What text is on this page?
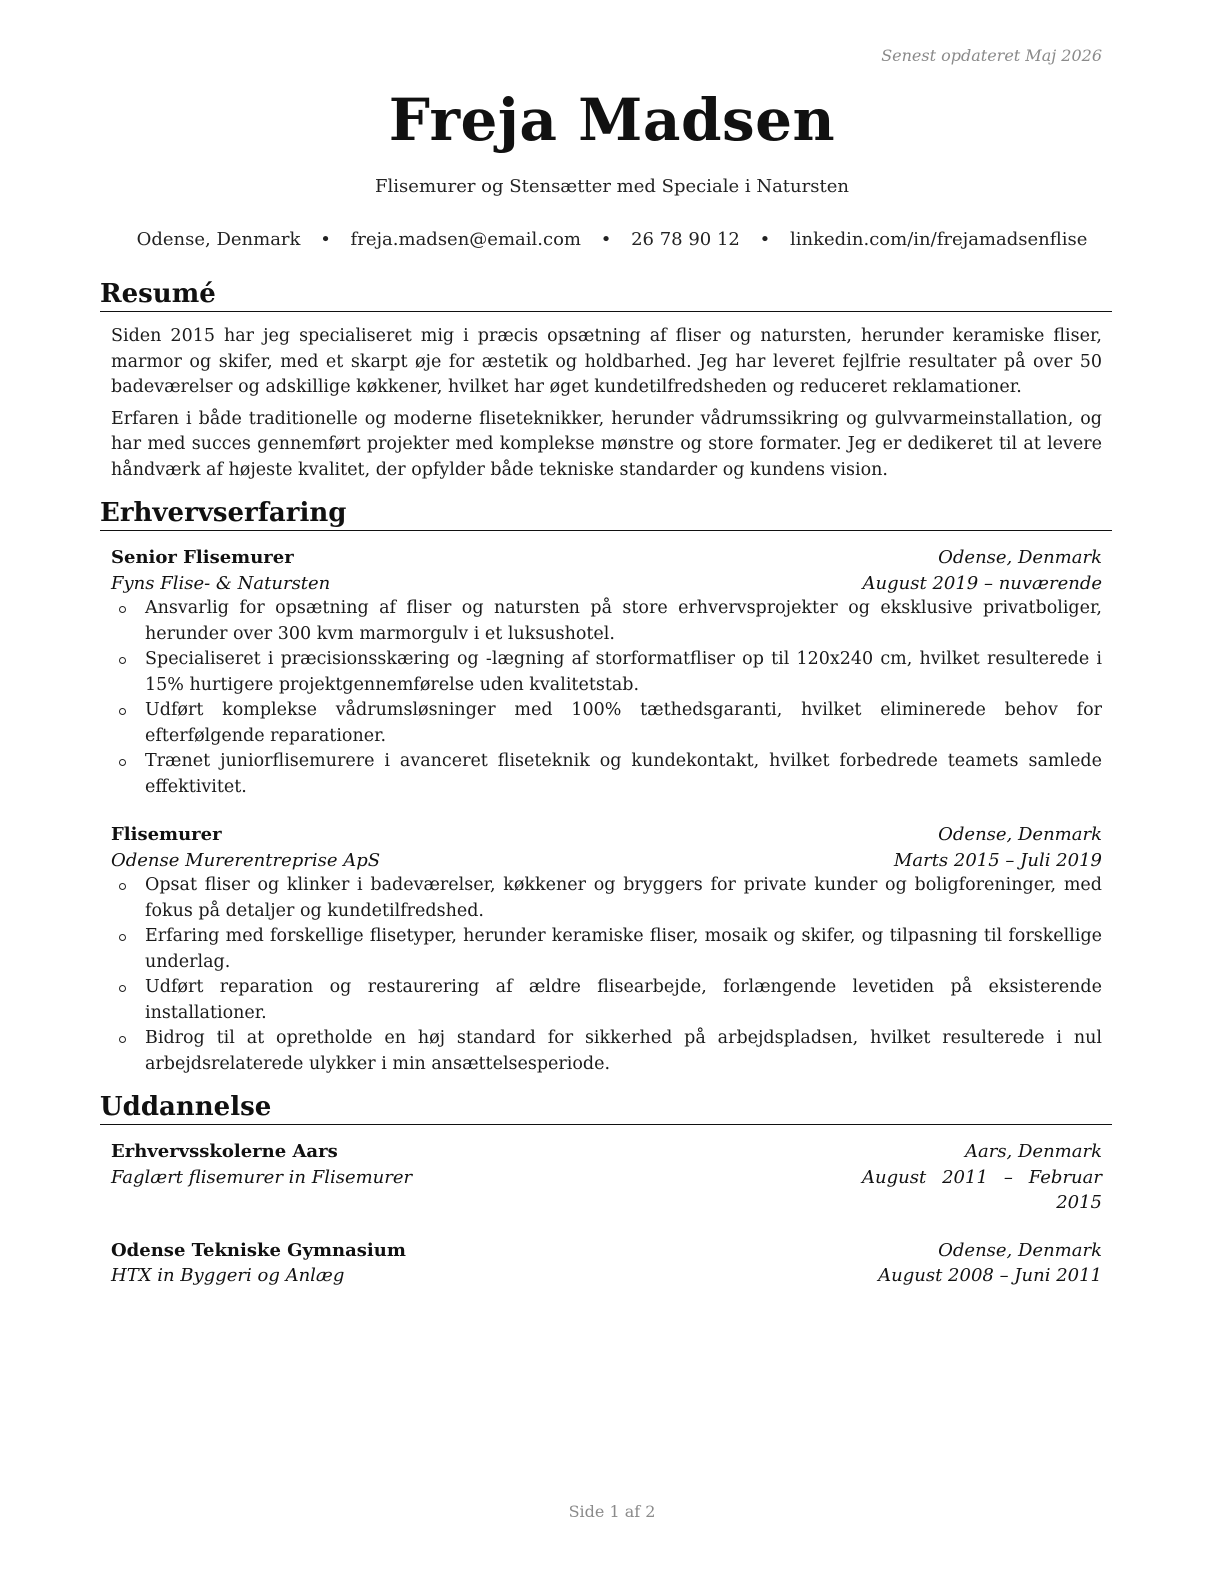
Senest opdateret Maj 2026
Freja Madsen
Flisemurer og Stensætter med Speciale i Natursten
Odense, Denmark • freja.madsen@email.com • 26 78 90 12 • linkedin.com/in/frejamadsenflise
Resumé

Siden 2015 har jeg specialiseret mig i præcis opsætning af fliser og natursten, herunder keramiske fliser, marmor og skifer, med et skarpt øje for æstetik og holdbarhed. Jeg har leveret fejlfrie resultater på over 50 badeværelser og adskillige køkkener, hvilket har øget kundetilfredsheden og reduceret reklamationer.

Erfaren i både traditionelle og moderne fliseteknikker, herunder vådrumssikring og gulvvarmeinstallation, og har med succes gennemført projekter med komplekse mønstre og store formater. Jeg er dedikeret til at levere håndværk af højeste kvalitet, der opfylder både tekniske standarder og kundens vision.

Erhvervserfaring
Senior Flisemurer	Odense, Denmark
Fyns Flise- & Natursten	August 2019 – nuværende
Ansvarlig for opsætning af fliser og natursten på store erhvervsprojekter og eksklusive privatboliger, herunder over 300 kvm marmorgulv i et luksushotel.
Specialiseret i præcisionsskæring og -lægning af storformatfliser op til 120x240 cm, hvilket resulterede i 15% hurtigere projektgennemførelse uden kvalitetstab.
Udført komplekse vådrumsløsninger med 100% tæthedsgaranti, hvilket eliminerede behov for efterfølgende reparationer.
Trænet juniorflisemurere i avanceret fliseteknik og kundekontakt, hvilket forbedrede teamets samlede effektivitet.
Flisemurer	Odense, Denmark
Odense Murerentreprise ApS	Marts 2015 – Juli 2019
Opsat fliser og klinker i badeværelser, køkkener og bryggers for private kunder og boligforeninger, med fokus på detaljer og kundetilfredshed.
Erfaring med forskellige flisetyper, herunder keramiske fliser, mosaik og skifer, og tilpasning til forskellige underlag.
Udført reparation og restaurering af ældre flisearbejde, forlængende levetiden på eksisterende installationer.
Bidrog til at opretholde en høj standard for sikkerhed på arbejdspladsen, hvilket resulterede i nul arbejdsrelaterede ulykker i min ansættelsesperiode.
Uddannelse
Erhvervsskolerne Aars	Aars, Denmark
Faglært flisemurer in Flisemurer	August 2011 – Februar 2015
Odense Tekniske Gymnasium	Odense, Denmark
HTX in Byggeri og Anlæg	August 2008 – Juni 2011
Side 1 af 2
